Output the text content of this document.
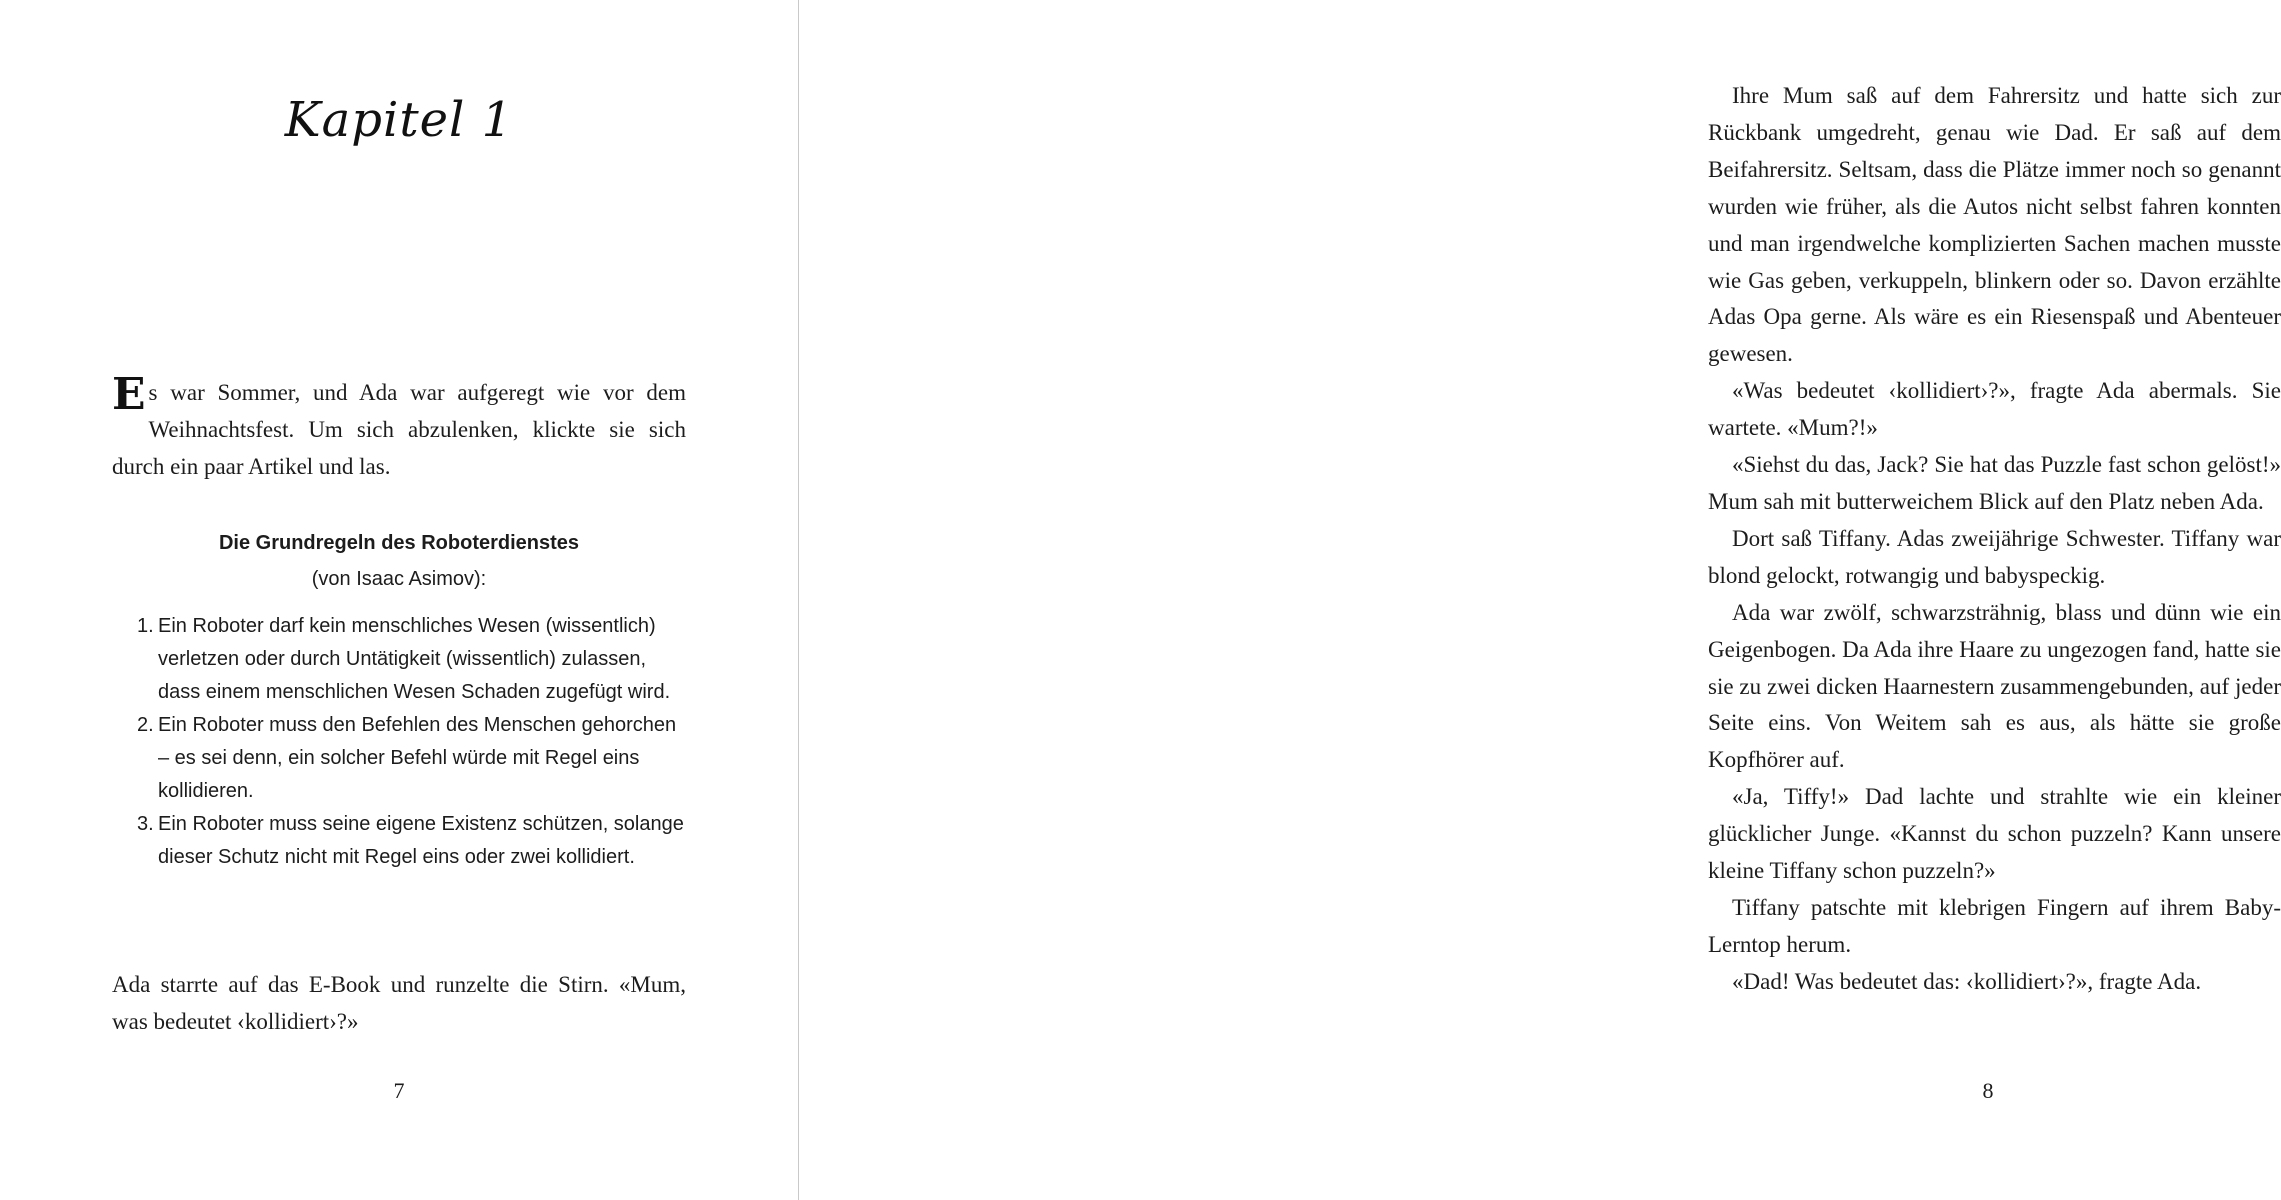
Kapitel 1

Es war Sommer, und Ada war aufgeregt wie vor dem Weihnachtsfest. Um sich abzulenken, klickte sie sich durch ein paar Artikel und las.

Die Grundregeln des Roboterdienstes
(von Isaac Asimov):
1. Ein Roboter darf kein menschliches Wesen (wissentlich) verletzen oder durch Untätigkeit (wissentlich) zulassen, dass einem menschlichen Wesen Schaden zugefügt wird.
2. Ein Roboter muss den Befehlen des Menschen gehorchen – es sei denn, ein solcher Befehl würde mit Regel eins kollidieren.
3. Ein Roboter muss seine eigene Existenz schützen, solange dieser Schutz nicht mit Regel eins oder zwei kollidiert.

Ada starrte auf das E-Book und runzelte die Stirn. «Mum, was bedeutet ‹kollidiert›?»

7

Ihre Mum saß auf dem Fahrersitz und hatte sich zur Rückbank umgedreht, genau wie Dad. Er saß auf dem Beifahrersitz. Seltsam, dass die Plätze immer noch so genannt wurden wie früher, als die Autos nicht selbst fahren konnten und man irgendwelche komplizierten Sachen machen musste wie Gas geben, verkuppeln, blinkern oder so. Davon erzählte Adas Opa gerne. Als wäre es ein Riesenspaß und Abenteuer gewesen.

«Was bedeutet ‹kollidiert›?», fragte Ada abermals. Sie wartete. «Mum?!»

«Siehst du das, Jack? Sie hat das Puzzle fast schon gelöst!» Mum sah mit butterweichem Blick auf den Platz neben Ada.

Dort saß Tiffany. Adas zweijährige Schwester. Tiffany war blond gelockt, rotwangig und babyspeckig.

Ada war zwölf, schwarzsträhnig, blass und dünn wie ein Geigenbogen. Da Ada ihre Haare zu ungezogen fand, hatte sie sie zu zwei dicken Haarnestern zusammengebunden, auf jeder Seite eins. Von Weitem sah es aus, als hätte sie große Kopfhörer auf.

«Ja, Tiffy!» Dad lachte und strahlte wie ein kleiner glücklicher Junge. «Kannst du schon puzzeln? Kann unsere kleine Tiffany schon puzzeln?»

Tiffany patschte mit klebrigen Fingern auf ihrem Baby-Lerntop herum.

«Dad! Was bedeutet das: ‹kollidiert›?», fragte Ada.

8
